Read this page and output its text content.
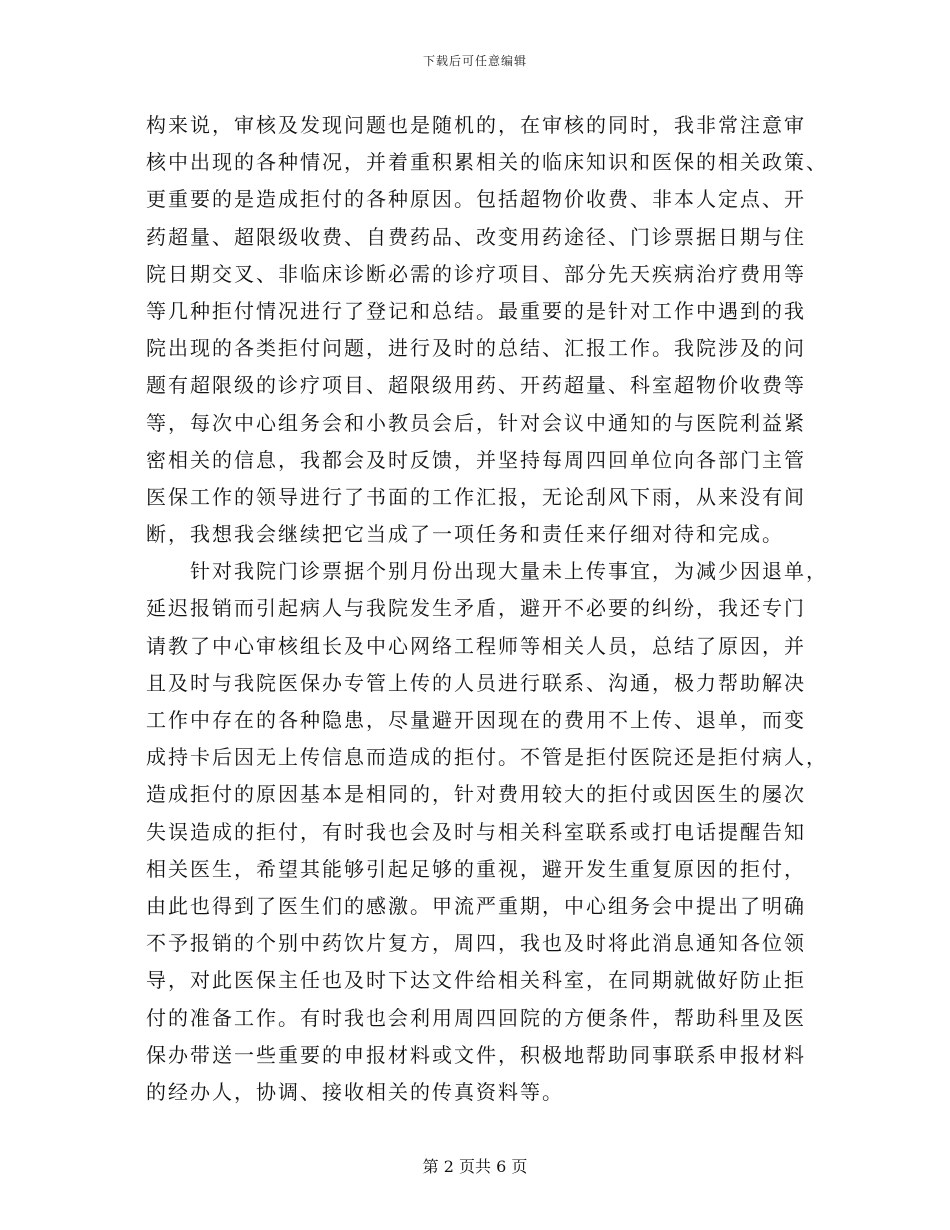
下载后可任意编辑
构来说，审核及发现问题也是随机的，在审核的同时，我非常注意审
核中出现的各种情况，并着重积累相关的临床知识和医保的相关政策、
更重要的是造成拒付的各种原因。包括超物价收费、非本人定点、开
药超量、超限级收费、自费药品、改变用药途径、门诊票据日期与住
院日期交叉、非临床诊断必需的诊疗项目、部分先天疾病治疗费用等
等几种拒付情况进行了登记和总结。最重要的是针对工作中遇到的我
院出现的各类拒付问题，进行及时的总结、汇报工作。我院涉及的问
题有超限级的诊疗项目、超限级用药、开药超量、科室超物价收费等
等，每次中心组务会和小教员会后，针对会议中通知的与医院利益紧
密相关的信息，我都会及时反馈，并坚持每周四回单位向各部门主管
医保工作的领导进行了书面的工作汇报，无论刮风下雨，从来没有间
断，我想我会继续把它当成了一项任务和责任来仔细对待和完成。
针对我院门诊票据个别月份出现大量未上传事宜，为减少因退单，
延迟报销而引起病人与我院发生矛盾，避开不必要的纠纷，我还专门
请教了中心审核组长及中心网络工程师等相关人员，总结了原因，并
且及时与我院医保办专管上传的人员进行联系、沟通，极力帮助解决
工作中存在的各种隐患，尽量避开因现在的费用不上传、退单，而变
成持卡后因无上传信息而造成的拒付。不管是拒付医院还是拒付病人，
造成拒付的原因基本是相同的，针对费用较大的拒付或因医生的屡次
失误造成的拒付，有时我也会及时与相关科室联系或打电话提醒告知
相关医生，希望其能够引起足够的重视，避开发生重复原因的拒付，
由此也得到了医生们的感激。甲流严重期，中心组务会中提出了明确
不予报销的个别中药饮片复方，周四，我也及时将此消息通知各位领
导，对此医保主任也及时下达文件给相关科室，在同期就做好防止拒
付的准备工作。有时我也会利用周四回院的方便条件，帮助科里及医
保办带送一些重要的申报材料或文件，积极地帮助同事联系申报材料
的经办人，协调、接收相关的传真资料等。
第 2 页共 6 页
